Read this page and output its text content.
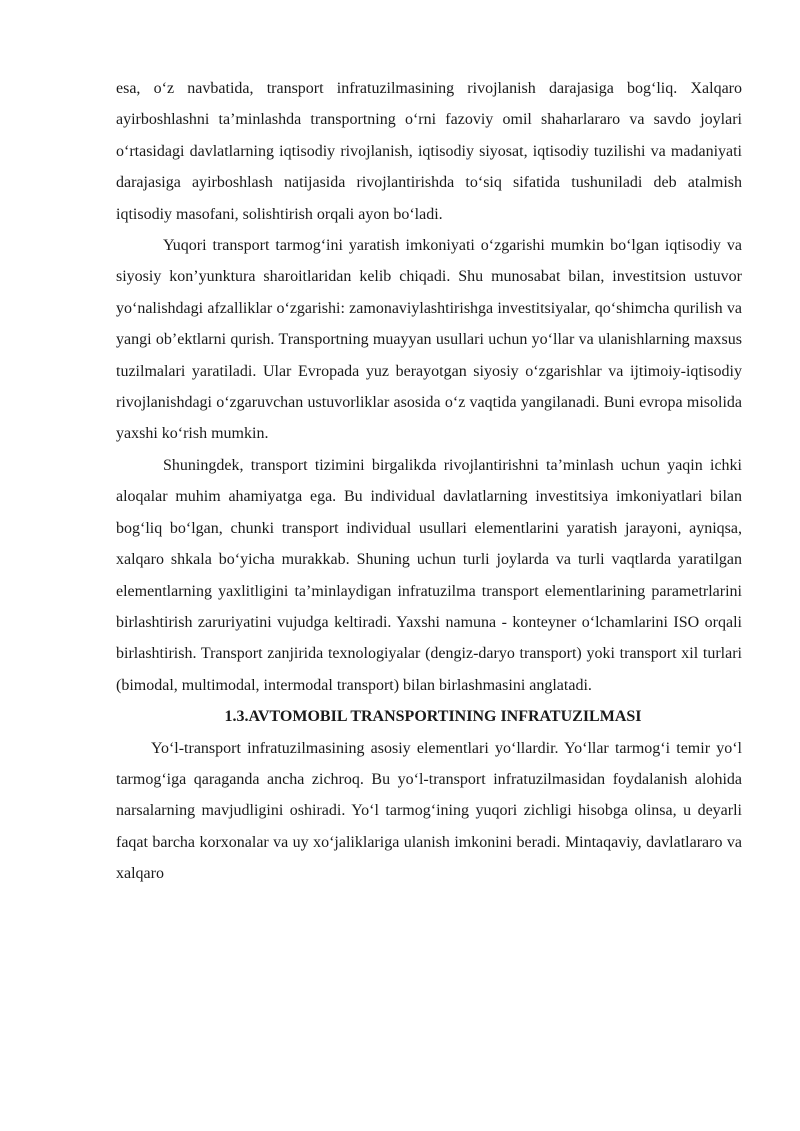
esa, o‘z navbatida, transport infratuzilmasining rivojlanish darajasiga bog‘liq. Xalqaro ayirboshlashni ta’minlashda transportning o‘rni fazoviy omil shaharlararo va savdo joylari o‘rtasidagi davlatlarning iqtisodiy rivojlanish, iqtisodiy siyosat, iqtisodiy tuzilishi va madaniyati darajasiga ayirboshlash natijasida rivojlantirishda to‘siq sifatida tushuniladi deb atalmish iqtisodiy masofani, solishtirish orqali ayon bo‘ladi.

Yuqori transport tarmog‘ini yaratish imkoniyati o‘zgarishi mumkin bo‘lgan iqtisodiy va siyosiy kon’yunktura sharoitlaridan kelib chiqadi. Shu munosabat bilan, investitsion ustuvor yo‘nalishdagi afzalliklar o‘zgarishi: zamonaviylashtirishga investitsiyalar, qo‘shimcha qurilish va yangi ob’ektlarni qurish. Transportning muayyan usullari uchun yo‘llar va ulanishlarning maxsus tuzilmalari yaratiladi. Ular Evropada yuz berayotgan siyosiy o‘zgarishlar va ijtimoiy-iqtisodiy rivojlanishdagi o‘zgaruvchan ustuvorliklar asosida o‘z vaqtida yangilanadi. Buni evropa misolida yaxshi ko‘rish mumkin.

Shuningdek, transport tizimini birgalikda rivojlantirishni ta’minlash uchun yaqin ichki aloqalar muhim ahamiyatga ega. Bu individual davlatlarning investitsiya imkoniyatlari bilan bog‘liq bo‘lgan, chunki transport individual usullari elementlarini yaratish jarayoni, ayniqsa, xalqaro shkala bo‘yicha murakkab. Shuning uchun turli joylarda va turli vaqtlarda yaratilgan elementlarning yaxlitligini ta’minlaydigan infratuzilma transport elementlarining parametrlarini birlashtirish zaruriyatini vujudga keltiradi. Yaxshi namuna - konteyner o‘lchamlarini ISO orqali birlashtirish. Transport zanjirida texnologiyalar (dengiz-daryo transport) yoki transport xil turlari (bimodal, multimodal, intermodal transport) bilan birlashmasini anglatadi.

1.3.AVTOMOBIL TRANSPORTINING INFRATUZILMASI

Yo‘l-transport infratuzilmasining asosiy elementlari yo‘llardir. Yo‘llar tarmog‘i temir yo‘l tarmog‘iga qaraganda ancha zichroq. Bu yo‘l-transport infratuzilmasidan foydalanish alohida narsalarning mavjudligini oshiradi. Yo‘l tarmog‘ining yuqori zichligi hisobga olinsa, u deyarli faqat barcha korxonalar va uy xo‘jaliklariga ulanish imkonini beradi. Mintaqaviy, davlatlararo va xalqaro
